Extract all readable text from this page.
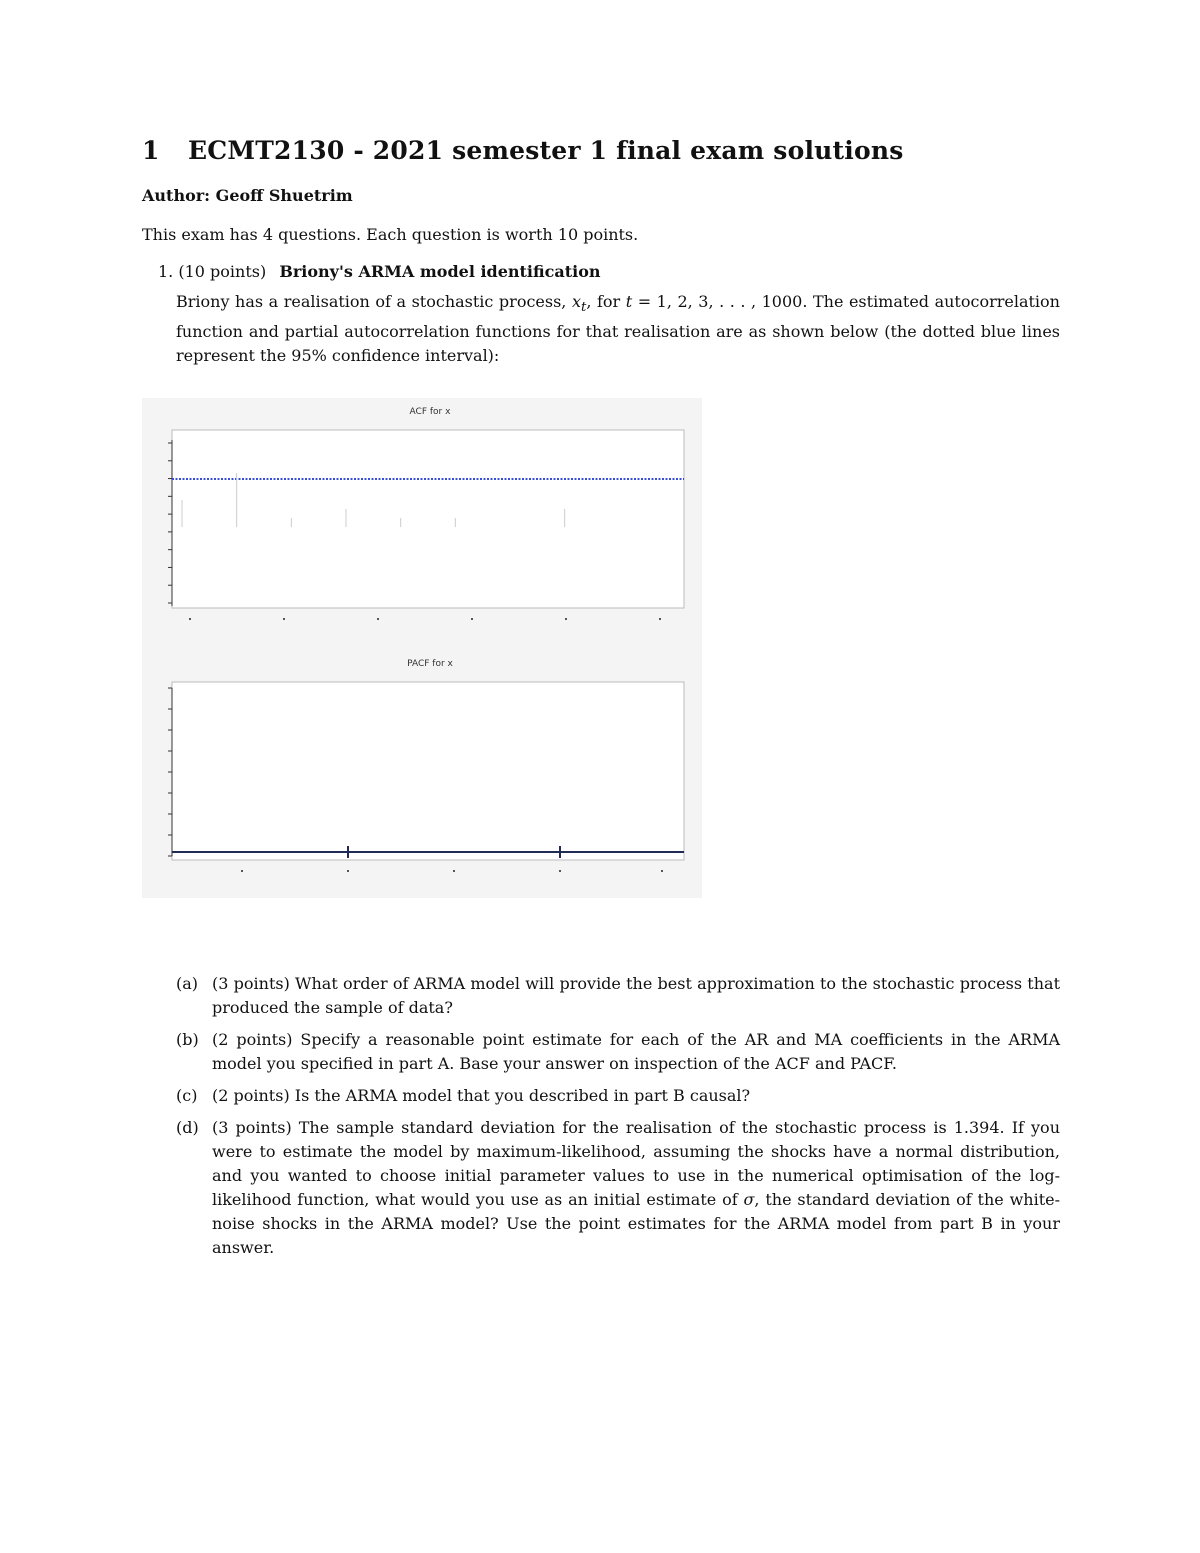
1 ECMT2130 - 2021 semester 1 final exam solutions
Author: Geoff Shuetrim
This exam has 4 questions. Each question is worth 10 points.
1. (10 points) Briony's ARMA model identification
Briony has a realisation of a stochastic process, $x_t$, for t = 1, 2, 3, . . . , 1000. The estimated autocorrelation function and partial autocorrelation functions for that realisation are as shown below (the dotted blue lines represent the 95% confidence interval):
ACF for x
PACF for x
(a) (3 points) What order of ARMA model will provide the best approximation to the stochastic process that produced the sample of data?
(b) (2 points) Specify a reasonable point estimate for each of the AR and MA coefficients in the ARMA model you specified in part A. Base your answer on inspection of the ACF and PACF.
(c) (2 points) Is the ARMA model that you described in part B causal?
(d) (3 points) The sample standard deviation for the realisation of the stochastic process is 1.394. If you were to estimate the model by maximum-likelihood, assuming the shocks have a normal distribution, and you wanted to choose initial parameter values to use in the numerical optimisation of the log-likelihood function, what would you use as an initial estimate of σ, the standard deviation of the white-noise shocks in the ARMA model? Use the point estimates for the ARMA model from part B in your answer.
